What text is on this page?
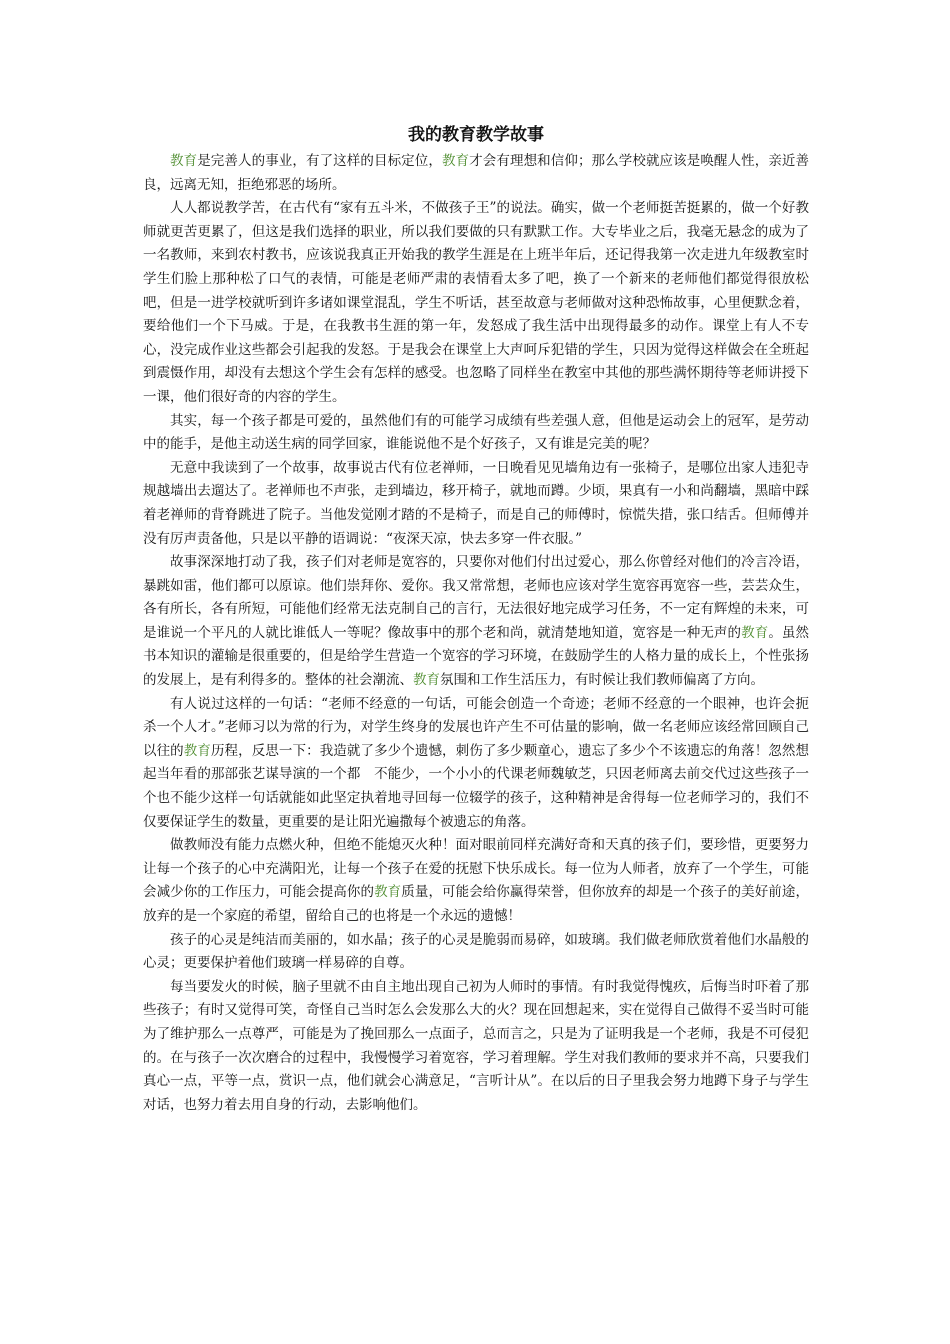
我的教育教学故事

教育是完善人的事业，有了这样的目标定位，教育才会有理想和信仰；那么学校就应该是唤醒人性，亲近善良，远离无知，拒绝邪恶的场所。

人人都说教学苦，在古代有“家有五斗米，不做孩子王”的说法。确实，做一个老师挺苦挺累的，做一个好教师就更苦更累了，但这是我们选择的职业，所以我们要做的只有默默工作。大专毕业之后，我毫无悬念的成为了一名教师，来到农村教书，应该说我真正开始我的教学生涯是在上班半年后，还记得我第一次走进九年级教室时学生们脸上那种松了口气的表情，可能是老师严肃的表情看太多了吧，换了一个新来的老师他们都觉得很放松吧，但是一进学校就听到许多诸如课堂混乱，学生不听话，甚至故意与老师做对这种恐怖故事，心里便默念着，要给他们一个下马威。于是，在我教书生涯的第一年，发怒成了我生活中出现得最多的动作。课堂上有人不专心，没完成作业这些都会引起我的发怒。于是我会在课堂上大声呵斥犯错的学生，只因为觉得这样做会在全班起到震慑作用，却没有去想这个学生会有怎样的感受。也忽略了同样坐在教室中其他的那些满怀期待等老师讲授下一课，他们很好奇的内容的学生。

其实，每一个孩子都是可爱的，虽然他们有的可能学习成绩有些差强人意，但他是运动会上的冠军，是劳动中的能手，是他主动送生病的同学回家，谁能说他不是个好孩子，又有谁是完美的呢？

无意中我读到了一个故事，故事说古代有位老禅师，一日晚看见见墙角边有一张椅子，是哪位出家人违犯寺规越墙出去遛达了。老禅师也不声张，走到墙边，移开椅子，就地而蹲。少顷，果真有一小和尚翻墙，黑暗中踩着老禅师的背脊跳进了院子。当他发觉刚才踏的不是椅子，而是自己的师傅时，惊慌失措，张口结舌。但师傅并没有厉声责备他，只是以平静的语调说：“夜深天凉，快去多穿一件衣服。”

故事深深地打动了我，孩子们对老师是宽容的，只要你对他们付出过爱心，那么你曾经对他们的冷言冷语，暴跳如雷，他们都可以原谅。他们崇拜你、爱你。我又常常想，老师也应该对学生宽容再宽容一些，芸芸众生，各有所长，各有所短，可能他们经常无法克制自己的言行，无法很好地完成学习任务，不一定有辉煌的未来，可是谁说一个平凡的人就比谁低人一等呢？像故事中的那个老和尚，就清楚地知道，宽容是一种无声的教育。虽然书本知识的灌输是很重要的，但是给学生营造一个宽容的学习环境，在鼓励学生的人格力量的成长上，个性张扬的发展上，是有利得多的。整体的社会潮流、教育氛围和工作生活压力，有时候让我们教师偏离了方向。

有人说过这样的一句话：“老师不经意的一句话，可能会创造一个奇迹；老师不经意的一个眼神，也许会扼杀一个人才。”老师习以为常的行为，对学生终身的发展也许产生不可估量的影响，做一名老师应该经常回顾自己以往的教育历程，反思一下：我造就了多少个遗憾，刺伤了多少颗童心，遗忘了多少个不该遗忘的角落！忽然想起当年看的那部张艺谋导演的一个都　不能少，一个小小的代课老师魏敏芝，只因老师离去前交代过这些孩子一个也不能少这样一句话就能如此坚定执着地寻回每一位辍学的孩子，这种精神是舍得每一位老师学习的，我们不仅要保证学生的数量，更重要的是让阳光遍撒每个被遗忘的角落。

做教师没有能力点燃火种，但绝不能熄灭火种！面对眼前同样充满好奇和天真的孩子们，要珍惜，更要努力让每一个孩子的心中充满阳光，让每一个孩子在爱的抚慰下快乐成长。每一位为人师者，放弃了一个学生，可能会减少你的工作压力，可能会提高你的教育质量，可能会给你赢得荣誉，但你放弃的却是一个孩子的美好前途，放弃的是一个家庭的希望，留给自己的也将是一个永远的遗憾！

孩子的心灵是纯洁而美丽的，如水晶；孩子的心灵是脆弱而易碎，如玻璃。我们做老师欣赏着他们水晶般的心灵；更要保护着他们玻璃一样易碎的自尊。

每当要发火的时候，脑子里就不由自主地出现自己初为人师时的事情。有时我觉得愧疚，后悔当时吓着了那些孩子；有时又觉得可笑，奇怪自己当时怎么会发那么大的火？现在回想起来，实在觉得自己做得不妥当时可能为了维护那么一点尊严，可能是为了挽回那么一点面子，总而言之，只是为了证明我是一个老师，我是不可侵犯的。在与孩子一次次磨合的过程中，我慢慢学习着宽容，学习着理解。学生对我们教师的要求并不高，只要我们真心一点，平等一点，赏识一点，他们就会心满意足，“言听计从”。在以后的日子里我会努力地蹲下身子与学生对话，也努力着去用自身的行动，去影响他们。
